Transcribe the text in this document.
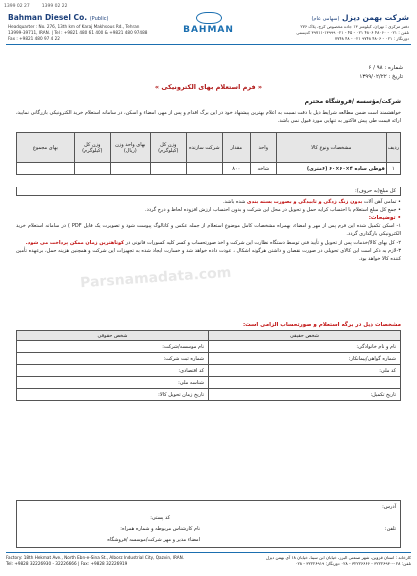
1399 02 27	1399 02 22
Bahman Diesel Co. (Public)
Headquarter : No. 276, 13th km of Karaj Makhsous Rd., Tehran
13999-39711, IRAN. | Tel : +9821 480 61 400 & +9821 480 97488
Fax : +9821 480 97 4 22
BAHMAN
شرکت بهمن دیزل (سهامی عام)
دفتر مرکزی : تهران، کیلومتر ۱۳ جاده مخصوص کرج، پلاک ۲۷۶
تلفن : ۰۲۱ - ۴۸۰۶۰ ۴۸۰۶ ۰۲۱ - ۴۵ - ۰۲۱ ۱۳۹۹۹-۳۹۷۱۱ کدپستی
دورنگار : ۰۲۱ - ۴۸۰۶ ۹۷۴۸ ۰۲۱ - ۴۸ ۷۷۴۸
شماره : ۹۸ / ۶
تاریخ : ۱۳۹۹/۰۲/۲۲
« فرم استعلام بهای الکترونیکی »
شرکت/مؤسسه /فروشگاه محترم
خواهشمند است ضمن مطالعه شرایط ذیل با دقت نسبت به اعلام بهترین پیشنهاد خود در این برگ اقدام و پس از مهر، امضاء و اسکن، در سامانه استعلام خرید الکترونیکی بازرگانی نمایید، ارائه قیمت طی پیش فاکتور به تنهایی مورد قبول نمی باشد.
ردیف	مشخصات ونوع کالا	واحد	مقدار	شرکت سازنده	وزن کل (کیلوگرم)	بهای واحد وزن (ریال)	وزن کل (کیلوگرم)	بهای مجموع
۱	قوطی ساده ۴×۶۰×۶۰ (۶متری)	شاخه	۸۰۰					
کل مبلغ(به حروف):

• تمامی آهن آلات بدون زنگ زدگی و تابیدگی و بصورت بسته بندی شده باشد.

• جمع کل مبلغ استعلام با احتساب کرایه حمل و تحویل در محل این شرکت و بدون احتساب ارزش افزوده لحاظ و درج گردد.

• توضیحات:

۱- اسکن تکمیل شده این فرم پس از مهر و امضاء، بهمراه مشخصات کامل موضوع استعلام از جمله عکس و کاتالوگ پیوست شود و تصویرت یک فایل PDF ) در سامانه استعلام خرید الکترونیکی بارگذاری گردد.

۲- کل بهای کالا/خدمات پس از تحویل و تأیید فنی توسط دستگاه نظارت این شرکت و اخذ صورتحساب و کسر کلیه کسورات قانونی در کوتاهترین زمان ممکن پرداخت می شود.

۳-لازم به ذکر است این کالای تحویلی در صورت نقصان و داشتن هرگونه اشکال ، عودت داده خواهد شد و خسارت ایجاد شده به تجهیزات این شرکت و همچنین هزینه حمل، برعهده تأمین کننده کالا خواهد بود.

Parsnamadata.com
مشخصات ذیل در برگه استعلام و صورتحساب الزامی است:
شخص حقیقی	شخص حقوقی
نام و نام خانوادگی:	نام موسسه/شرکت:
شماره گواهی/پیمانکار:	شماره ثبت شرکت:
کد ملی:	کد اقتصادی:
	شناسه ملی:
تاریخ تکمیل:	تاریخ زمان تحویل کالا:
آدرس:
کد پستی:
تلفن:
نام کارشناس مربوطه و شماره همراه:
امضاء مدیر و مهر شرکت/موسسه /فروشگاه
Factory: 18th Hekmat Ave., North Ebn-e-Sina St., Alborz Industrial City, Qazvin, IRAN.
Tel: +9828 32226930 - 32226666 | Fax: +9828 32226919
کارخانه : استان قزوین، شهر صنعتی البرز، خیابان ابن سینا، خیابان ۱۸ آی بهمن دیزل
تلفن: ۰۲۸-۳۲۲۲۶۹۳۰ - ۳۲۲۲۶۶۶۶ - ۰۲۸ دورنگار: ۳۲۲۲۶۹۱۹ - ۰۲۸
